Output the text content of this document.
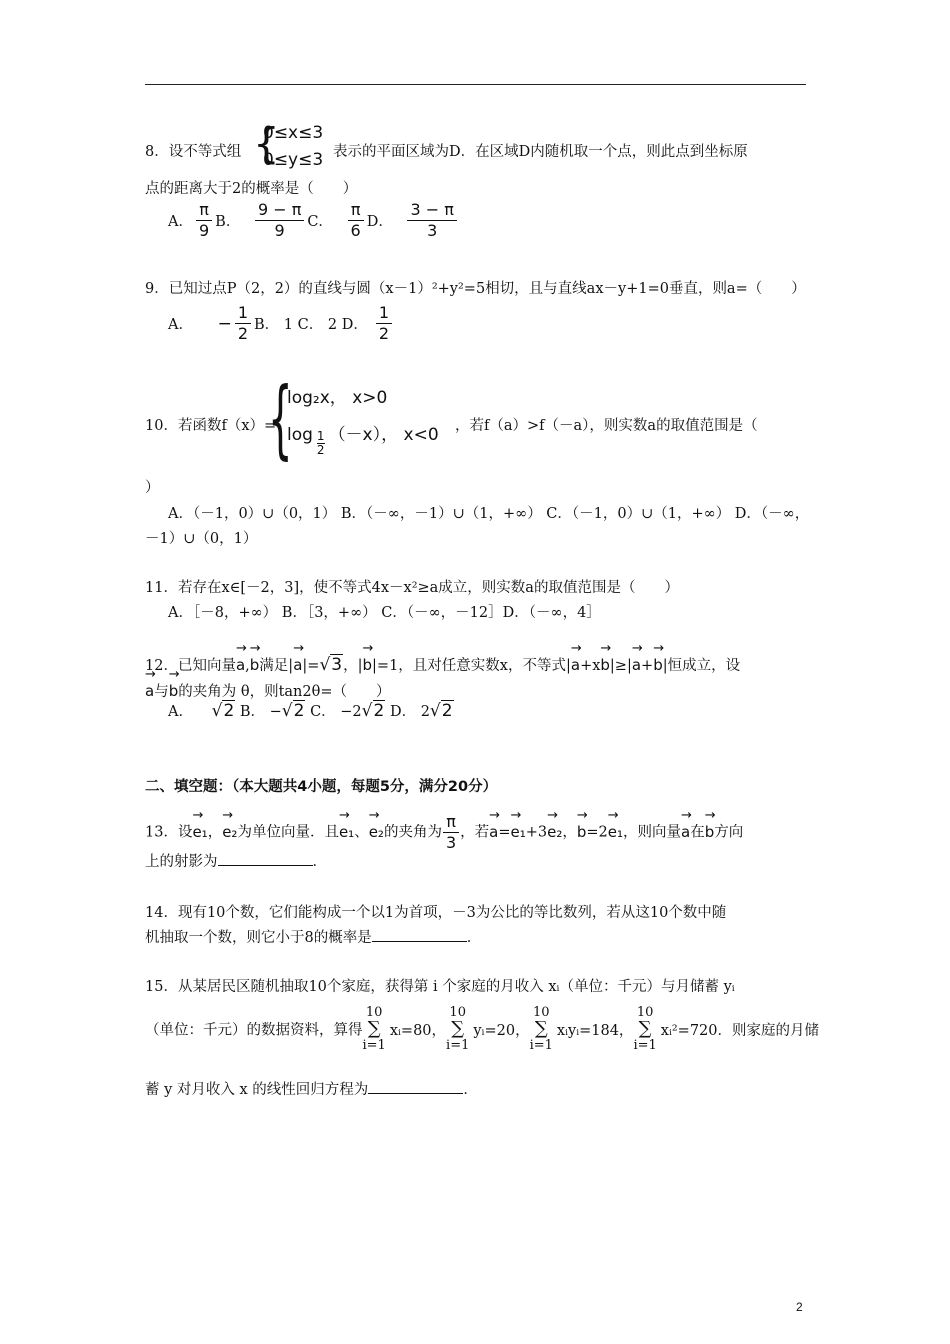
{
0≤x≤3
0≤y≤3
8．设不等式组	表示的平面区域为D．在区域D内随机取一个点，则此点到坐标原
点的距离大于2的概率是（　　）
A． $\frac{\pi}{9}$ B． $\frac{9 - \pi}{9}$ C． $\frac{\pi}{6}$ D． $\frac{3 - \pi}{3}$
9．已知过点P（2，2）的直线与圆（x－1）²+y²=5相切，且与直线ax－y+1=0垂直，则a=（　　）
A． − $\frac{1}{2}$ B． 1 C． 2 D． $\frac{1}{2}$
{
log₂x， x>0
$\log \frac{1}{2} (-x)$， x<0
10．若函数f（x）=	，若f（a）>f（－a），则实数a的取值范围是（
）
A．（－1，0）∪（0，1） B．（－∞，－1）∪（1，+∞） C．（－1，0）∪（1，+∞） D．（－∞，
－1）∪（0，1）
11．若存在x∈[－2，3]，使不等式4x－x²≥a成立，则实数a的取值范围是（　　）
A．［－8，+∞） B．［3，+∞） C．（－∞，－12］D．（－∞，4］
12．已知向量→ a,→ b满足|→ a|=√3，|→ b|=1，且对任意实数x，不等式|→ a+x→ b|≥|→ a+→ b|恒成立，设
→ a与→ b的夹角为 θ，则tan2θ=（　　）
A． √2 B． −√2 C． −2√2 D． 2√2
二、填空题：（本大题共4小题，每题5分，满分20分）
13．设→ e₁，→ e₂为单位向量．且→ e₁、→ e₂的夹角为 $\frac{\pi}{3}$ ，若→ a=→ e₁+3→ e₂，→ b=2→ e₁，则向量→ a在→ b方向
上的射影为	．
14．现有10个数，它们能构成一个以1为首项，－3为公比的等比数列，若从这10个数中随
机抽取一个数，则它小于8的概率是	．
15．从某居民区随机抽取10个家庭，获得第 i 个家庭的月收入 xᵢ（单位：千元）与月储蓄 yᵢ
（单位：千元）的数据资料，算得
10
∑
i=1
xᵢ=80，
10
∑
i=1
yᵢ=20，
10
∑
i=1
xᵢyᵢ=184，
10
∑
i=1
xᵢ²=720．则家庭的月储
蓄 y 对月收入 x 的线性回归方程为	．
2
